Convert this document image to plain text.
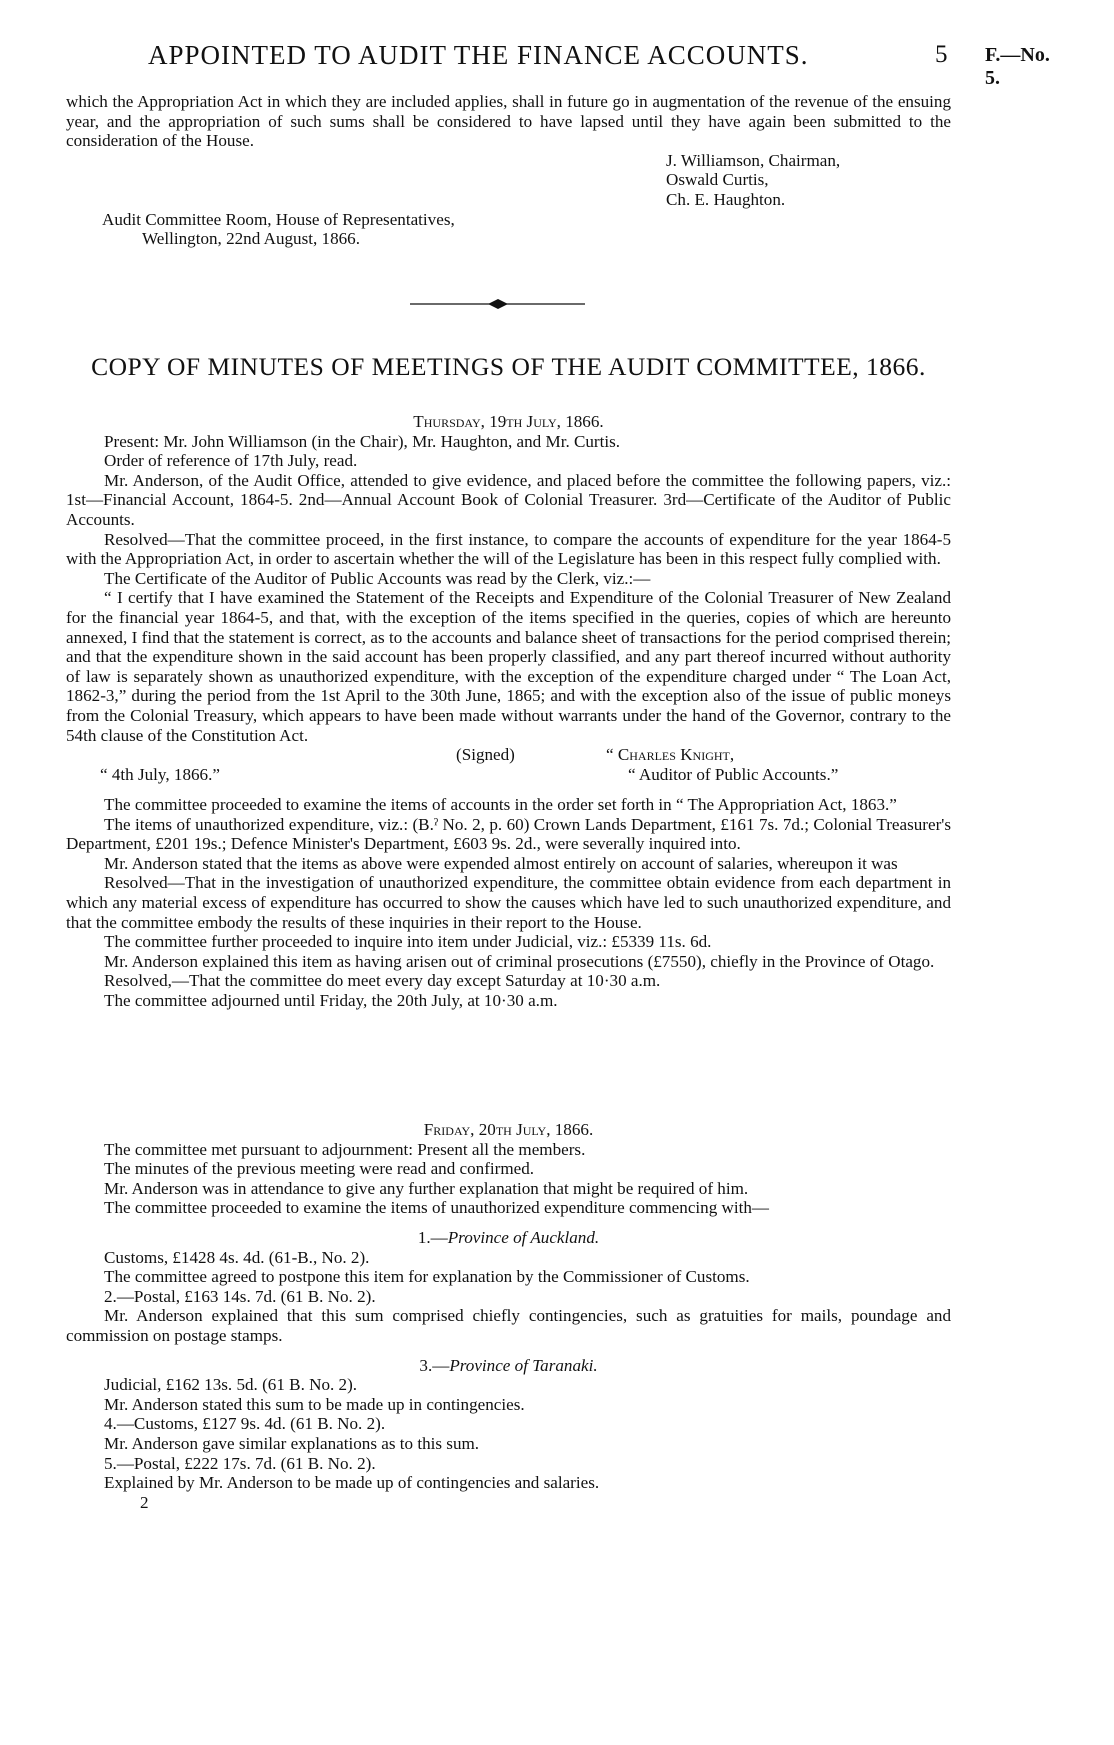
APPOINTED TO AUDIT THE FINANCE ACCOUNTS.	5 F.—No. 5.

which the Appropriation Act in which they are included applies, shall in future go in augmentation of the revenue of the ensuing year, and the appropriation of such sums shall be considered to have lapsed until they have again been submitted to the consideration of the House.

J. Williamson, Chairman,

Oswald Curtis,

Ch. E. Haughton.

Audit Committee Room, House of Representatives,

Wellington, 22nd August, 1866.

COPY OF MINUTES OF MEETINGS OF THE AUDIT COMMITTEE, 1866.

Thursday, 19th July, 1866.

Present: Mr. John Williamson (in the Chair), Mr. Haughton, and Mr. Curtis.

Order of reference of 17th July, read.

Mr. Anderson, of the Audit Office, attended to give evidence, and placed before the committee the following papers, viz.: 1st—Financial Account, 1864-5. 2nd—Annual Account Book of Colonial Treasurer. 3rd—Certificate of the Auditor of Public Accounts.

Resolved—That the committee proceed, in the first instance, to compare the accounts of expenditure for the year 1864-5 with the Appropriation Act, in order to ascertain whether the will of the Legislature has been in this respect fully complied with.

The Certificate of the Auditor of Public Accounts was read by the Clerk, viz.:—

“ I certify that I have examined the Statement of the Receipts and Expenditure of the Colonial Treasurer of New Zealand for the financial year 1864-5, and that, with the exception of the items specified in the queries, copies of which are hereunto annexed, I find that the statement is correct, as to the accounts and balance sheet of transactions for the period comprised therein; and that the expenditure shown in the said account has been properly classified, and any part thereof incurred without authority of law is separately shown as unauthorized expenditure, with the exception of the expenditure charged under “ The Loan Act, 1862-3,” during the period from the 1st April to the 30th June, 1865; and with the exception also of the issue of public moneys from the Colonial Treasury, which appears to have been made without warrants under the hand of the Governor, contrary to the 54th clause of the Constitution Act.

(Signed)	“ Charles Knight,
“ 4th July, 1866.”	“ Auditor of Public Accounts.”

The committee proceeded to examine the items of accounts in the order set forth in “ The Appropriation Act, 1863.”

The items of unauthorized expenditure, viz.: (B.ˀ No. 2, p. 60) Crown Lands Department, £161 7s. 7d.; Colonial Treasurer's Department, £201 19s.; Defence Minister's Department, £603 9s. 2d., were severally inquired into.

Mr. Anderson stated that the items as above were expended almost entirely on account of salaries, whereupon it was

Resolved—That in the investigation of unauthorized expenditure, the committee obtain evidence from each department in which any material excess of expenditure has occurred to show the causes which have led to such unauthorized expenditure, and that the committee embody the results of these inquiries in their report to the House.

The committee further proceeded to inquire into item under Judicial, viz.: £5339 11s. 6d.

Mr. Anderson explained this item as having arisen out of criminal prosecutions (£7550), chiefly in the Province of Otago.

Resolved,—That the committee do meet every day except Saturday at 10·30 a.m.

The committee adjourned until Friday, the 20th July, at 10·30 a.m.

Friday, 20th July, 1866.

The committee met pursuant to adjournment: Present all the members.

The minutes of the previous meeting were read and confirmed.

Mr. Anderson was in attendance to give any further explanation that might be required of him.

The committee proceeded to examine the items of unauthorized expenditure commencing with—

1.—Province of Auckland.

Customs, £1428 4s. 4d. (61-B., No. 2).

The committee agreed to postpone this item for explanation by the Commissioner of Customs.

2.—Postal, £163 14s. 7d. (61 B. No. 2).

Mr. Anderson explained that this sum comprised chiefly contingencies, such as gratuities for mails, poundage and commission on postage stamps.

3.—Province of Taranaki.

Judicial, £162 13s. 5d. (61 B. No. 2).

Mr. Anderson stated this sum to be made up in contingencies.

4.—Customs, £127 9s. 4d. (61 B. No. 2).

Mr. Anderson gave similar explanations as to this sum.

5.—Postal, £222 17s. 7d. (61 B. No. 2).

Explained by Mr. Anderson to be made up of contingencies and salaries.

2
